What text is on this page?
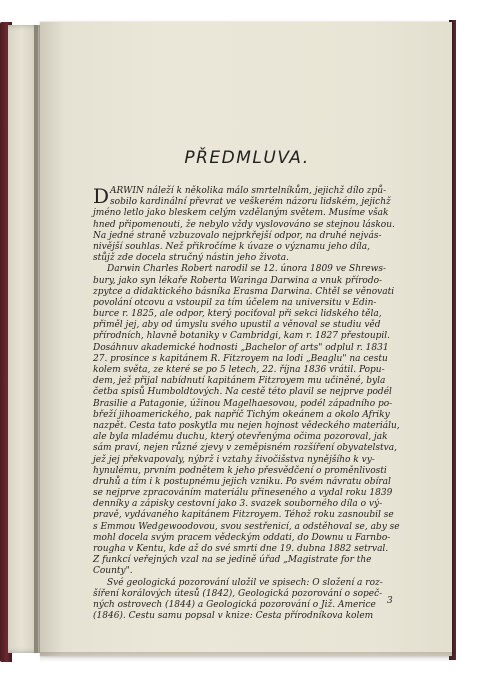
PŘEDMLUVA.
D ARWIN náleží k několika málo smrtelníkům, jejichž dílo způ-
sobilo kardinální převrat ve veškerém názoru lidském, jejichž
jméno letlo jako bleskem celým vzdělaným světem. Musíme však
hned připomenouti, že nebylo vždy vyslovováno se stejnou láskou.
Na jedné straně vzbuzovalo nejprkřejší odpor, na druhé nejvás-
nivější souhlas. Než přikročíme k úvaze o významu jeho díla,
stůjž zde docela stručný nástin jeho života.
Darwin Charles Robert narodil se 12. února 1809 ve Shrews-
bury, jako syn lékaře Roberta Waringa Darwina a vnuk přírodo-
zpytce a didaktického básníka Erasma Darwina. Chtěl se věnovati
povolání otcovu a vstoupil za tím účelem na universitu v Edin-
burce r. 1825, ale odpor, který pociťoval při sekci lidského těla,
přiměl jej, aby od úmyslu svého upustil a věnoval se studiu věd
přírodních, hlavně botaniky v Cambridgi, kam r. 1827 přestoupil.
Dosáhnuv akademické hodnosti „Bachelor of arts" odplul r. 1831
27. prosince s kapitánem R. Fitzroyem na lodi „Beaglu" na cestu
kolem světa, ze které se po 5 letech, 22. října 1836 vrátil. Popu-
dem, jež přijal nabídnutí kapitánem Fitzroyem mu učiněné, byla
četba spisů Humboldtových. Na cestě této plavil se nejprve podél
Brasilie a Patagonie, úžinou Magelhaesovou, podél západního po-
břeží jihoamerického, pak napříč Tichým okeánem a okolo Afriky
nazpět. Cesta tato poskytla mu nejen hojnost vědeckého materiálu,
ale byla mladému duchu, který otevřenýma očima pozoroval, jak
sám praví, nejen různé zjevy v zeměpisném rozšíření obyvatelstva,
jež jej překvapovaly, nýbrž i vztahy živočišstva nynějšího k vy-
hynulému, prvním podnětem k jeho přesvědčení o proměnlivosti
druhů a tím i k postupnému jejich vzniku. Po svém návratu obíral
se nejprve zpracováním materiálu přineseného a vydal roku 1839
denníky a zápisky cestovní jako 3. svazek souborného díla o vý-
pravě, vydávaného kapitánem Fitzroyem. Téhož roku zasnoubil se
s Emmou Wedgewoodovou, svou sestřenicí, a odstěhoval se, aby se
mohl docela svým pracem vědeckým oddati, do Downu u Farnbo-
rougha v Kentu, kde až do své smrti dne 19. dubna 1882 setrval.
Z funkcí veřejných vzal na se jedině úřad „Magistrate for the
County".
Své geologická pozorování uložil ve spisech: O složení a roz-
šíření korálových útesů (1842), Geologická pozorování o sopeč-
ných ostrovech (1844) a Geologická pozorování o Již. Americe
(1846). Cestu samu popsal v knize: Cesta přírodníkova kolem
3
